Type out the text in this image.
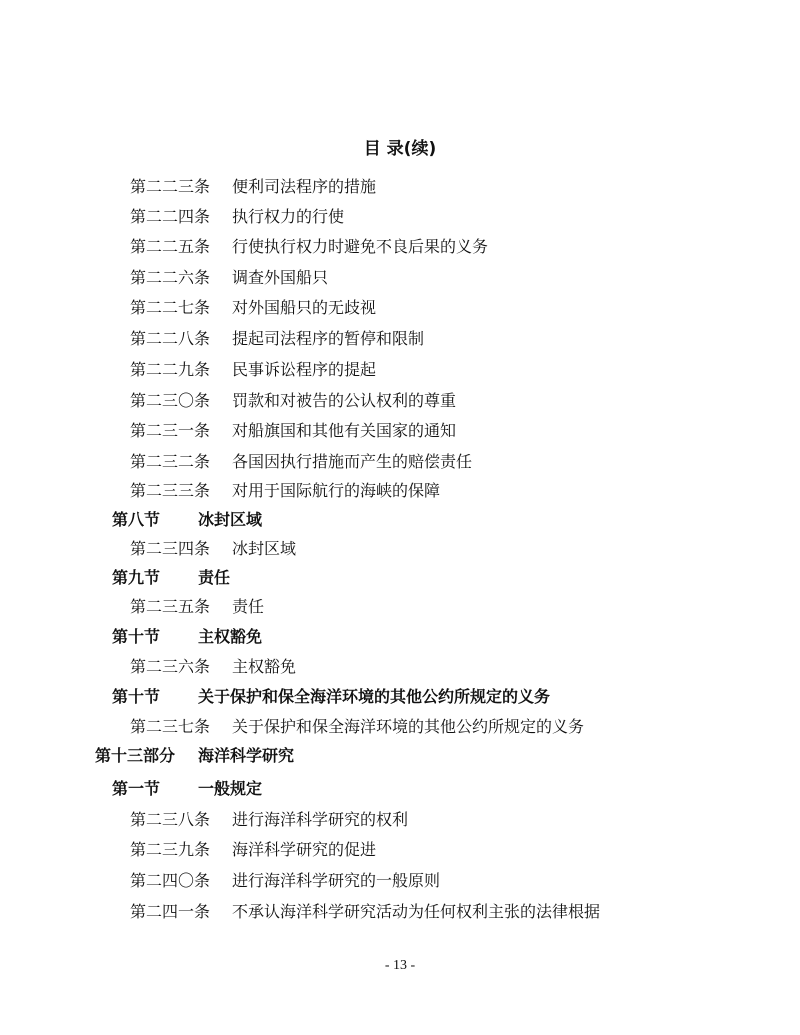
目 录(续)
第二二三条 便利司法程序的措施
第二二四条 执行权力的行使
第二二五条 行使执行权力时避免不良后果的义务
第二二六条 调查外国船只
第二二七条 对外国船只的无歧视
第二二八条 提起司法程序的暂停和限制
第二二九条 民事诉讼程序的提起
第二三〇条 罚款和对被告的公认权利的尊重
第二三一条 对船旗国和其他有关国家的通知
第二三二条 各国因执行措施而产生的赔偿责任
第二三三条 对用于国际航行的海峡的保障
第八节 冰封区域
第二三四条 冰封区域
第九节 责任
第二三五条 责任
第十节 主权豁免
第二三六条 主权豁免
第十节 关于保护和保全海洋环境的其他公约所规定的义务
第二三七条 关于保护和保全海洋环境的其他公约所规定的义务
第十三部分 海洋科学研究
第一节 一般规定
第二三八条 进行海洋科学研究的权利
第二三九条 海洋科学研究的促进
第二四〇条 进行海洋科学研究的一般原则
第二四一条 不承认海洋科学研究活动为任何权利主张的法律根据
- 13 -
